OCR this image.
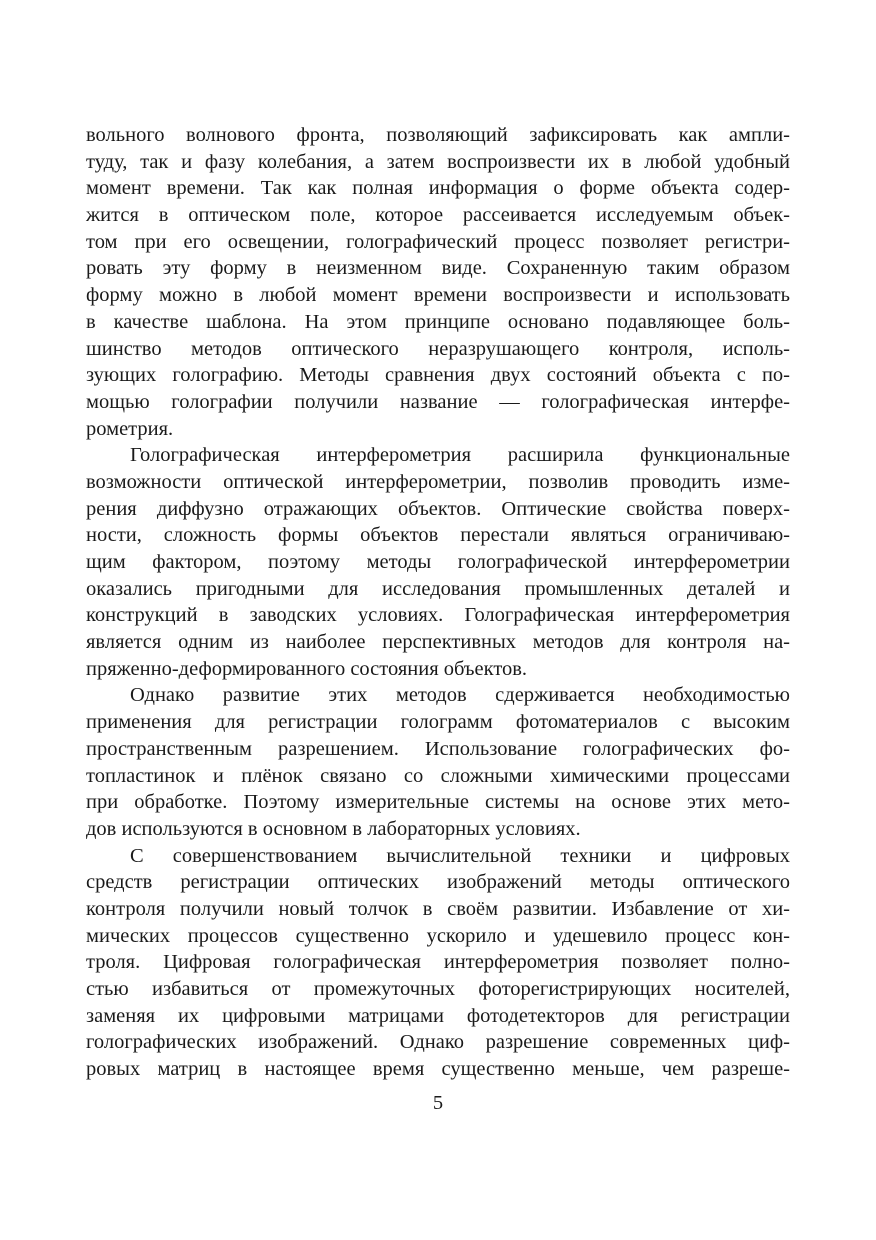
вольного волнового фронта, позволяющий зафиксировать как ампли-
туду, так и фазу колебания, а затем воспроизвести их в любой удобный
момент времени. Так как полная информация о форме объекта содер-
жится в оптическом поле, которое рассеивается исследуемым объек-
том при его освещении, голографический процесс позволяет регистри-
ровать эту форму в неизменном виде. Сохраненную таким образом
форму можно в любой момент времени воспроизвести и использовать
в качестве шаблона. На этом принципе основано подавляющее боль-
шинство методов оптического неразрушающего контроля, исполь-
зующих голографию. Методы сравнения двух состояний объекта с по-
мощью голографии получили название — голографическая интерфе-
рометрия.
Голографическая интерферометрия расширила функциональные
возможности оптической интерферометрии, позволив проводить изме-
рения диффузно отражающих объектов. Оптические свойства поверх-
ности, сложность формы объектов перестали являться ограничиваю-
щим фактором, поэтому методы голографической интерферометрии
оказались пригодными для исследования промышленных деталей и
конструкций в заводских условиях. Голографическая интерферометрия
является одним из наиболее перспективных методов для контроля на-
пряженно-деформированного состояния объектов.
Однако развитие этих методов сдерживается необходимостью
применения для регистрации голограмм фотоматериалов с высоким
пространственным разрешением. Использование голографических фо-
топластинок и плёнок связано со сложными химическими процессами
при обработке. Поэтому измерительные системы на основе этих мето-
дов используются в основном в лабораторных условиях.
С совершенствованием вычислительной техники и цифровых
средств регистрации оптических изображений методы оптического
контроля получили новый толчок в своём развитии. Избавление от хи-
мических процессов существенно ускорило и удешевило процесс кон-
троля. Цифровая голографическая интерферометрия позволяет полно-
стью избавиться от промежуточных фоторегистрирующих носителей,
заменяя их цифровыми матрицами фотодетекторов для регистрации
голографических изображений. Однако разрешение современных циф-
ровых матриц в настоящее время существенно меньше, чем разреше-
5
